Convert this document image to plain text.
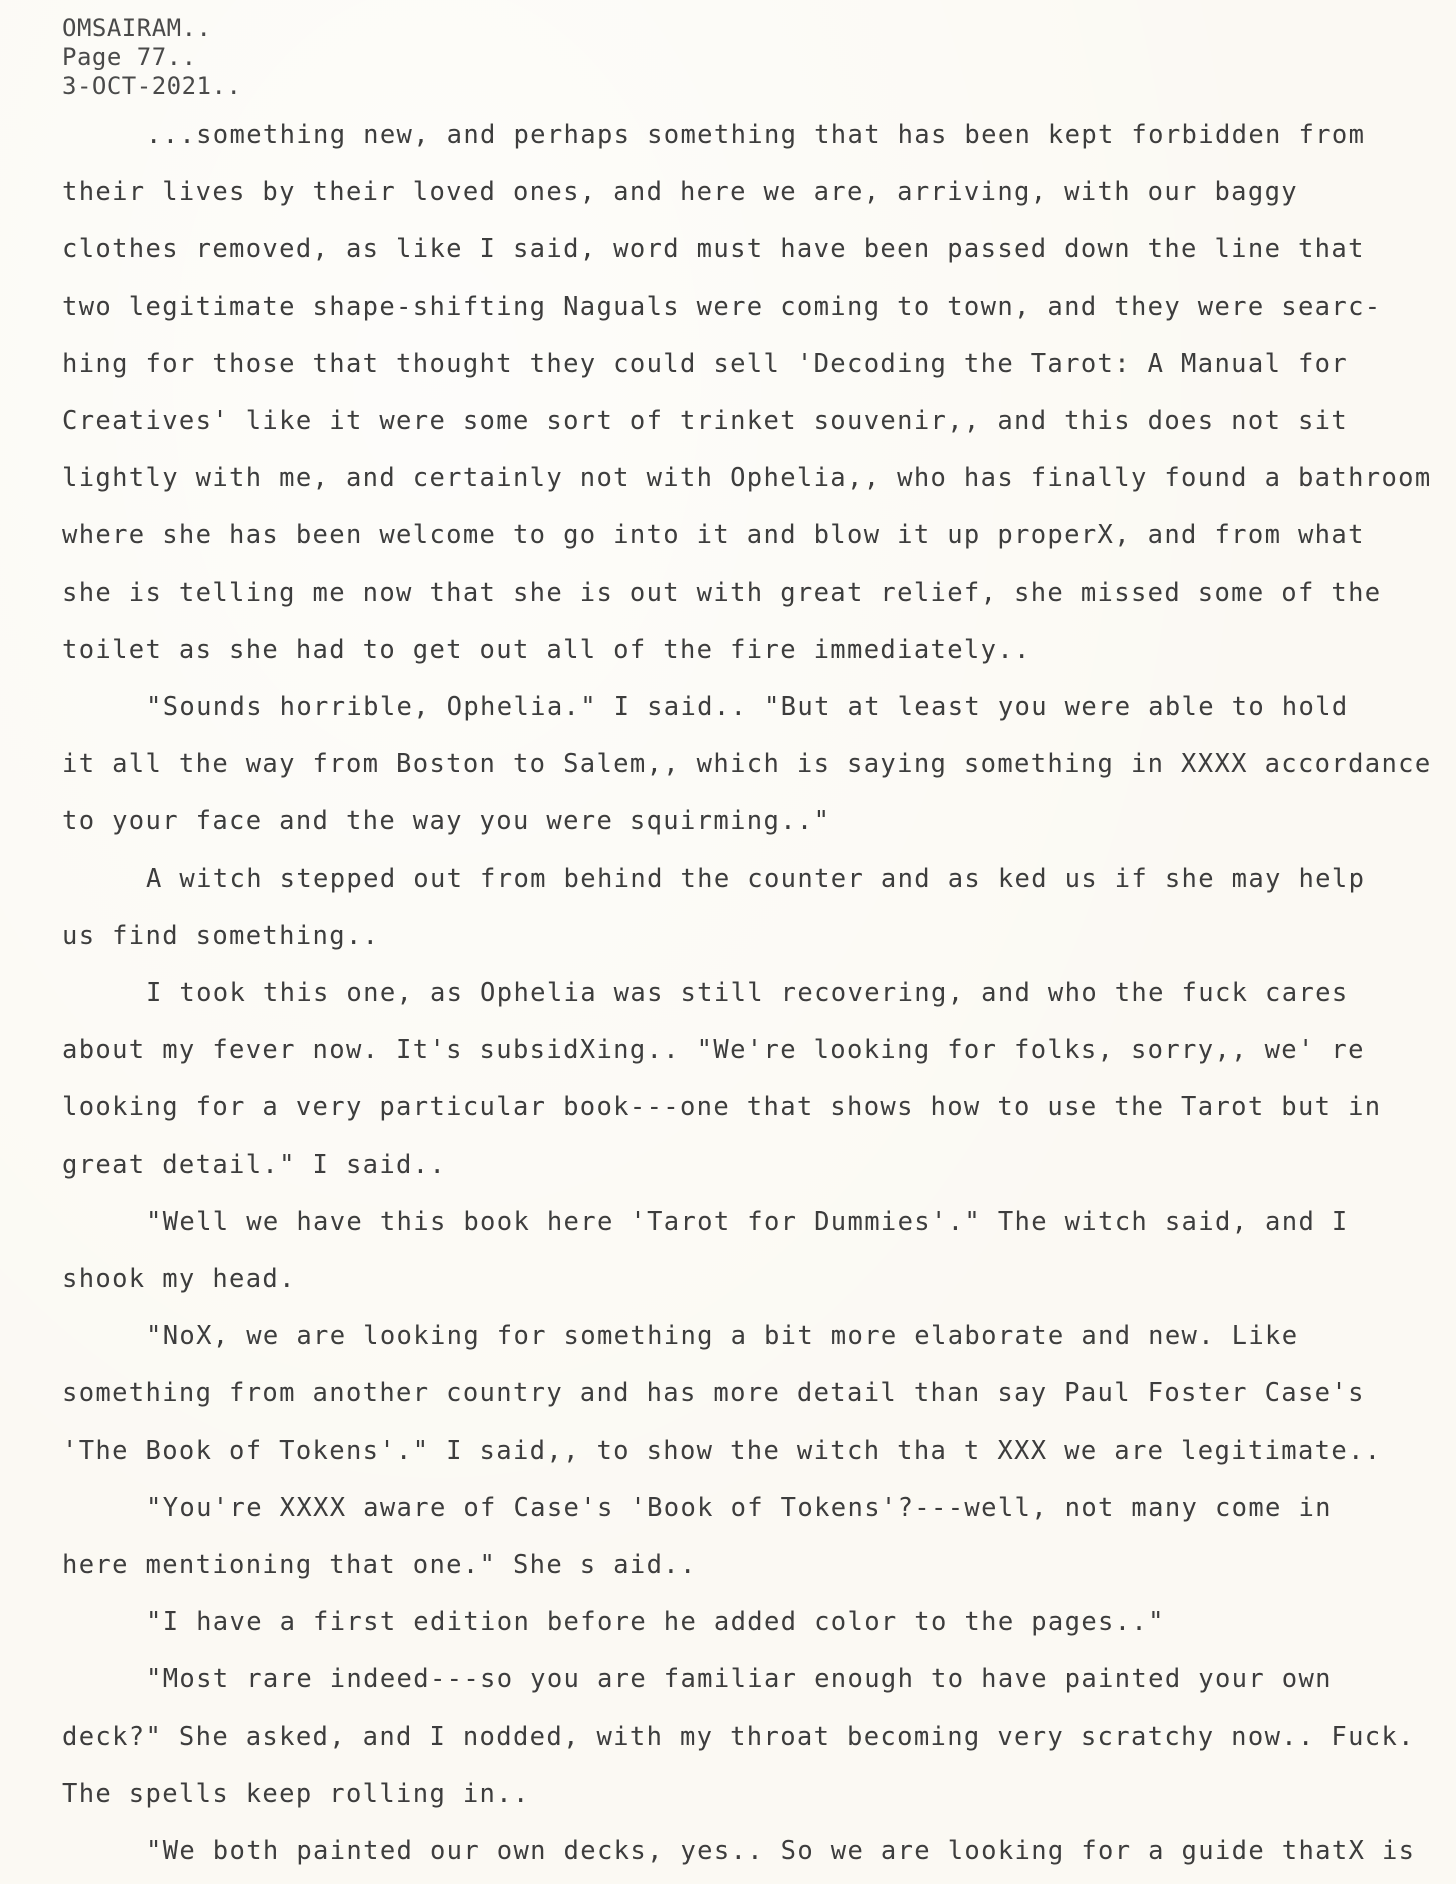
OMSAIRAM..
Page 77..
3-OCT-2021..
...something new, and perhaps something that has been kept forbidden from
their lives by their loved ones, and here we are, arriving, with our baggy
clothes removed, as like I said, word must have been passed down the line that
two legitimate shape-shifting Naguals were coming to town, and they were searc-
hing for those that thought they could sell 'Decoding the Tarot: A Manual for
Creatives' like it were some sort of trinket souvenir,, and this does not sit
lightly with me, and certainly not with Ophelia,, who has finally found a bathroom
where she has been welcome to go into it and blow it up properX, and from what
she is telling me now that she is out with great relief, she missed some of the
toilet as she had to get out all of the fire immediately..
"Sounds horrible, Ophelia." I said.. "But at least you were able to hold
it all the way from Boston to Salem,, which is saying something in XXXX accordance
to your face and the way you were squirming.."
A witch stepped out from behind the counter and as ked us if she may help
us find something..
I took this one, as Ophelia was still recovering, and who the fuck cares
about my fever now. It's subsidXing.. "We're looking for folks, sorry,, we' re
looking for a very particular book---one that shows how to use the Tarot but in
great detail." I said..
"Well we have this book here 'Tarot for Dummies'." The witch said, and I
shook my head.
"NoX, we are looking for something a bit more elaborate and new. Like
something from another country and has more detail than say Paul Foster Case's
'The Book of Tokens'." I said,, to show the witch tha t XXX we are legitimate..
"You're XXXX aware of Case's 'Book of Tokens'?---well, not many come in
here mentioning that one." She s aid..
"I have a first edition before he added color to the pages.."
"Most rare indeed---so you are familiar enough to have painted your own
deck?" She asked, and I nodded, with my throat becoming very scratchy now.. Fuck.
The spells keep rolling in..
"We both painted our own decks, yes.. So we are looking for a guide thatX is
